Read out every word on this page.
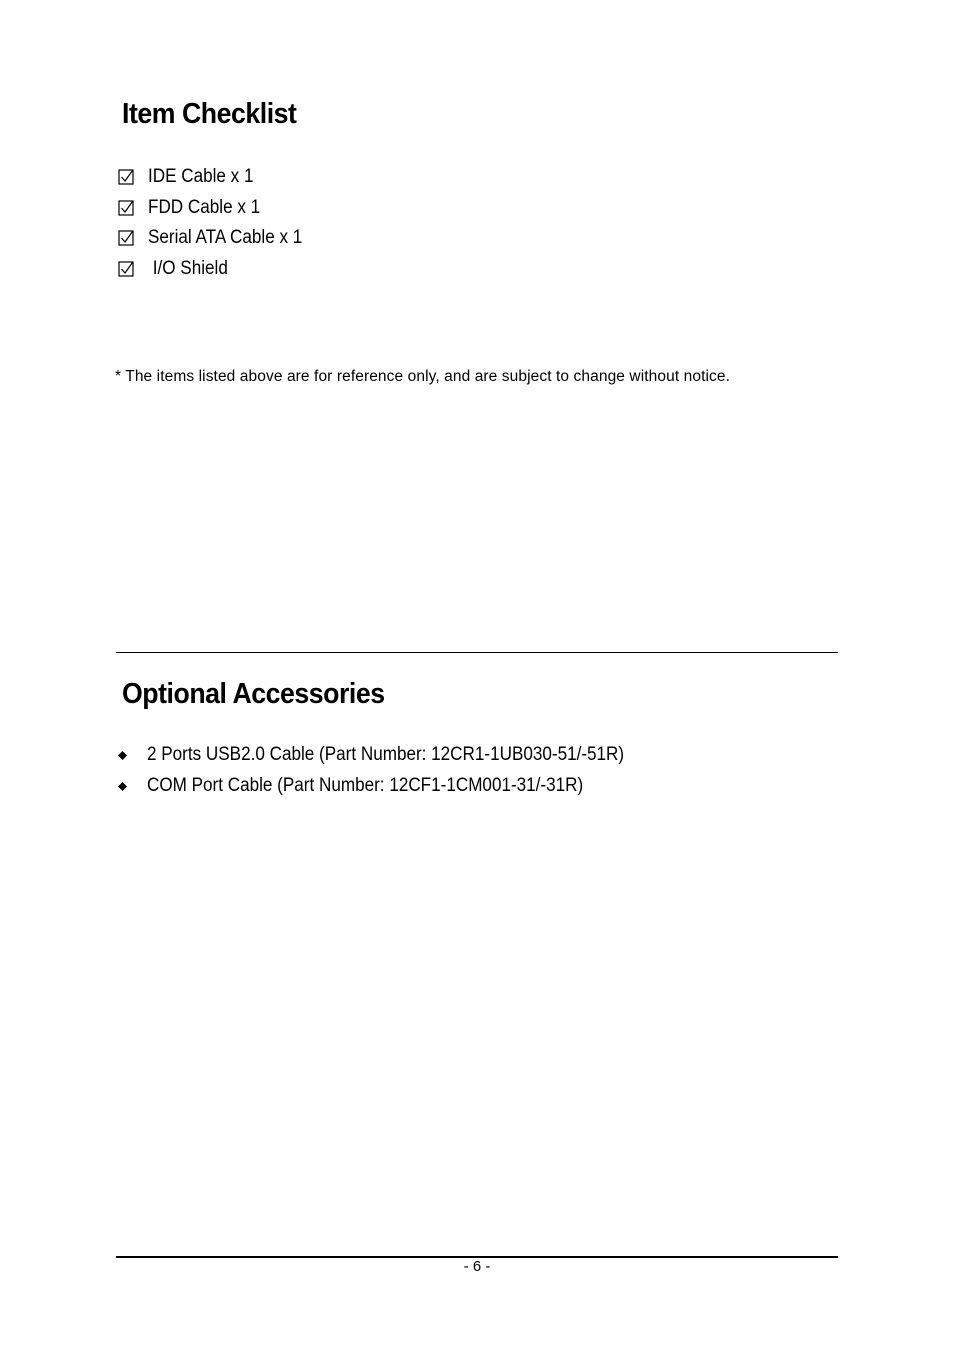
Item Checklist
IDE Cable x 1
FDD Cable x 1
Serial ATA Cable x 1
I/O Shield
* The items listed above are for reference only, and are subject to change without notice.
Optional Accessories
2 Ports USB2.0 Cable (Part Number: 12CR1-1UB030-51/-51R)
COM Port Cable (Part Number: 12CF1-1CM001-31/-31R)
- 6 -
